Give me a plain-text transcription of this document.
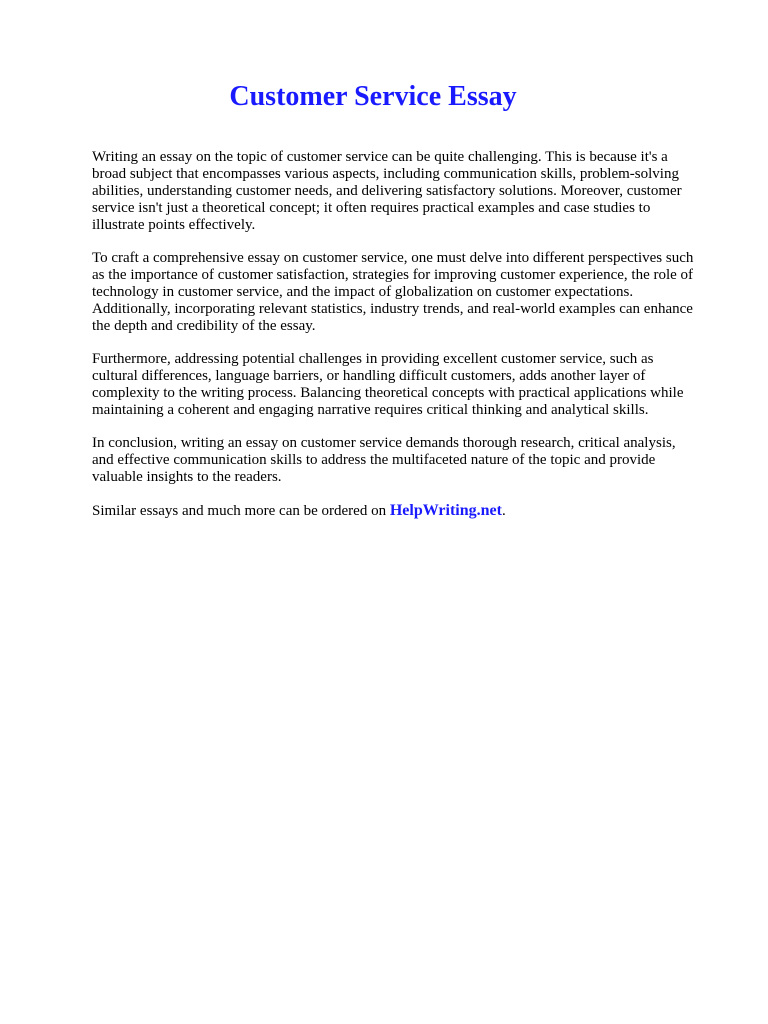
Customer Service Essay

Writing an essay on the topic of customer service can be quite challenging. This is because it's a broad subject that encompasses various aspects, including communication skills, problem-solving abilities, understanding customer needs, and delivering satisfactory solutions. Moreover, customer service isn't just a theoretical concept; it often requires practical examples and case studies to illustrate points effectively.

To craft a comprehensive essay on customer service, one must delve into different perspectives such as the importance of customer satisfaction, strategies for improving customer experience, the role of technology in customer service, and the impact of globalization on customer expectations. Additionally, incorporating relevant statistics, industry trends, and real-world examples can enhance the depth and credibility of the essay.

Furthermore, addressing potential challenges in providing excellent customer service, such as cultural differences, language barriers, or handling difficult customers, adds another layer of complexity to the writing process. Balancing theoretical concepts with practical applications while maintaining a coherent and engaging narrative requires critical thinking and analytical skills.

In conclusion, writing an essay on customer service demands thorough research, critical analysis, and effective communication skills to address the multifaceted nature of the topic and provide valuable insights to the readers.

Similar essays and much more can be ordered on HelpWriting.net.
